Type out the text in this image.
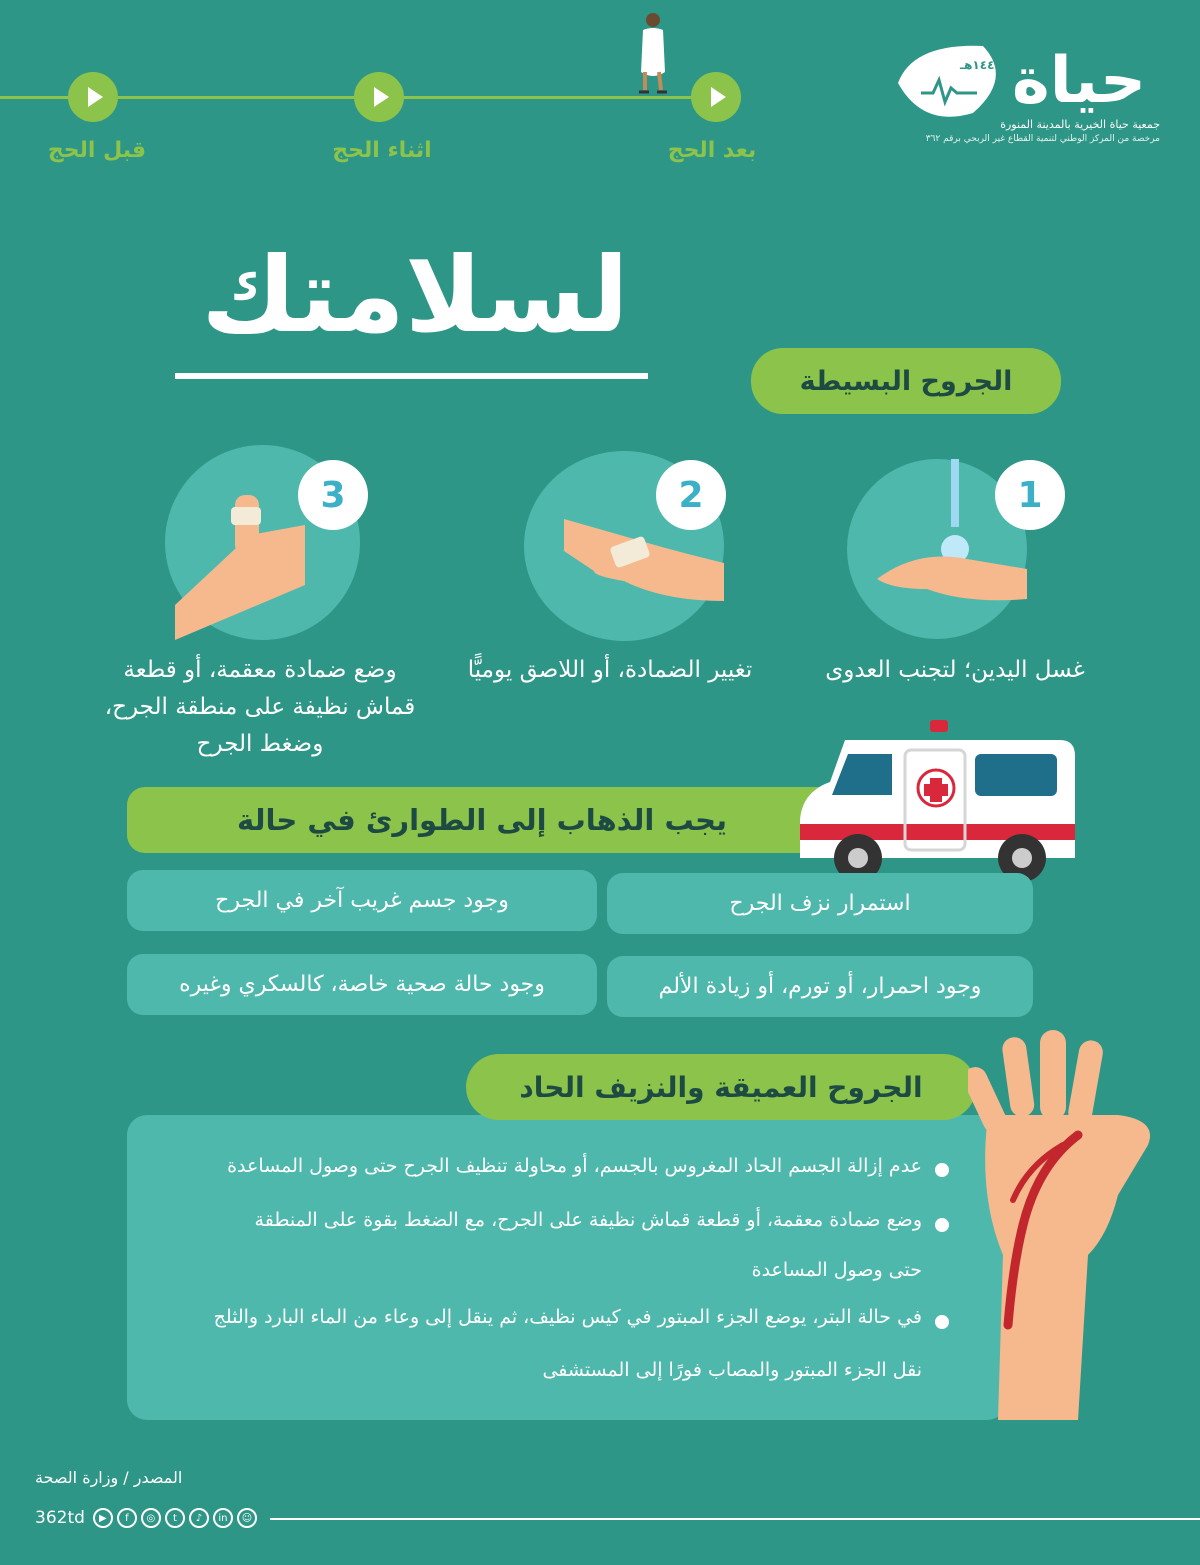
قبل الحج	اثناء الحج	بعد الحج
١٤٤٧هـ حياة
جمعية حياة الخيرية بالمدينة المنورة
مرخصة من المركز الوطني لتنمية القطاع غير الربحي برقم ٣٦٢
لسلامتك
الجروح البسيطة
1
غسل اليدين؛ لتجنب العدوى
2
تغيير الضمادة، أو اللاصق يوميًّا
3
وضع ضمادة معقمة، أو قطعة قماش نظيفة على منطقة الجرح، وضغط الجرح
يجب الذهاب إلى الطوارئ في حالة
استمرار نزف الجرح
وجود جسم غريب آخر في الجرح
وجود احمرار، أو تورم، أو زيادة الألم
وجود حالة صحية خاصة، كالسكري وغيره
عدم إزالة الجسم الحاد المغروس بالجسم، أو محاولة تنظيف الجرح حتى وصول المساعدة
وضع ضمادة معقمة، أو قطعة قماش نظيفة على الجرح، مع الضغط بقوة على المنطقة
حتى وصول المساعدة
في حالة البتر، يوضع الجزء المبتور في كيس نظيف، ثم ينقل إلى وعاء من الماء البارد والثلج
نقل الجزء المبتور والمصاب فورًا إلى المستشفى
الجروح العميقة والنزيف الحاد
المصدر / وزارة الصحة
362td	▶	f	◎	t	♪	in	☺
